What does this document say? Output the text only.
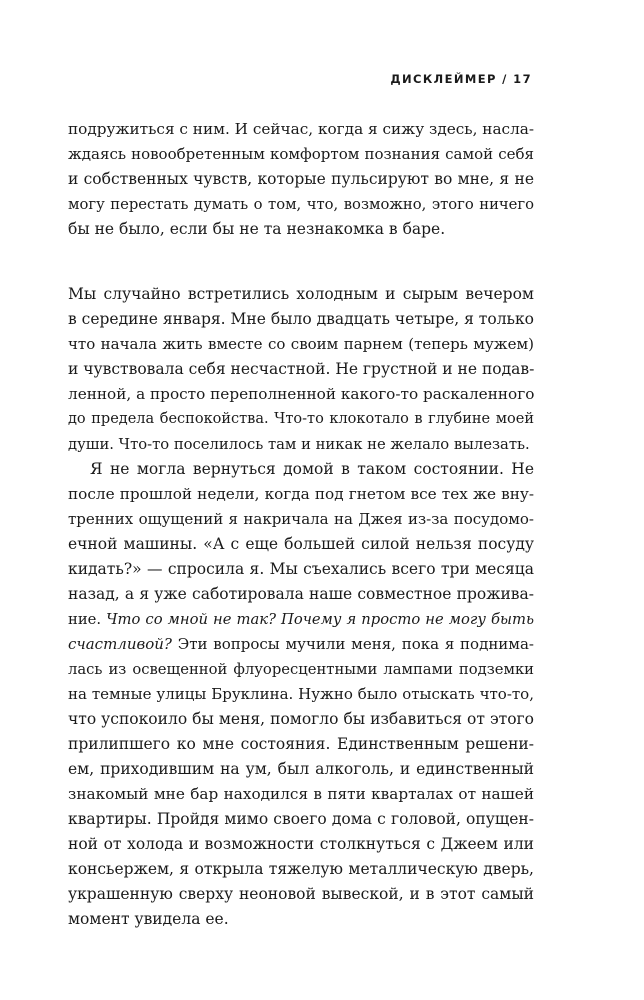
ДИСКЛЕЙМЕР / 17
подружиться с ним. И сейчас, когда я сижу здесь, насла-
ждаясь новообретенным комфортом познания самой себя
и собственных чувств, которые пульсируют во мне, я не
могу перестать думать о том, что, возможно, этого ничего
бы не было, если бы не та незнакомка в баре.
Мы случайно встретились холодным и сырым вечером
в середине января. Мне было двадцать четыре, я только
что начала жить вместе со своим парнем (теперь мужем)
и чувствовала себя несчастной. Не грустной и не подав-
ленной, а просто переполненной какого-то раскаленного
до предела беспокойства. Что-то клокотало в глубине моей
души. Что-то поселилось там и никак не желало вылезать.
Я не могла вернуться домой в таком состоянии. Не
после прошлой недели, когда под гнетом все тех же вну-
тренних ощущений я накричала на Джея из-за посудомо-
ечной машины. «А с еще большей силой нельзя посуду
кидать?» — спросила я. Мы съехались всего три месяца
назад, а я уже саботировала наше совместное прожива-
ние. Что со мной не так? Почему я просто не могу быть
счастливой? Эти вопросы мучили меня, пока я поднима-
лась из освещенной флуоресцентными лампами подземки
на темные улицы Бруклина. Нужно было отыскать что-то,
что успокоило бы меня, помогло бы избавиться от этого
прилипшего ко мне состояния. Единственным решени-
ем, приходившим на ум, был алкоголь, и единственный
знакомый мне бар находился в пяти кварталах от нашей
квартиры. Пройдя мимо своего дома с головой, опущен-
ной от холода и возможности столкнуться с Джеем или
консьержем, я открыла тяжелую металлическую дверь,
украшенную сверху неоновой вывеской, и в этот самый
момент увидела ее.
